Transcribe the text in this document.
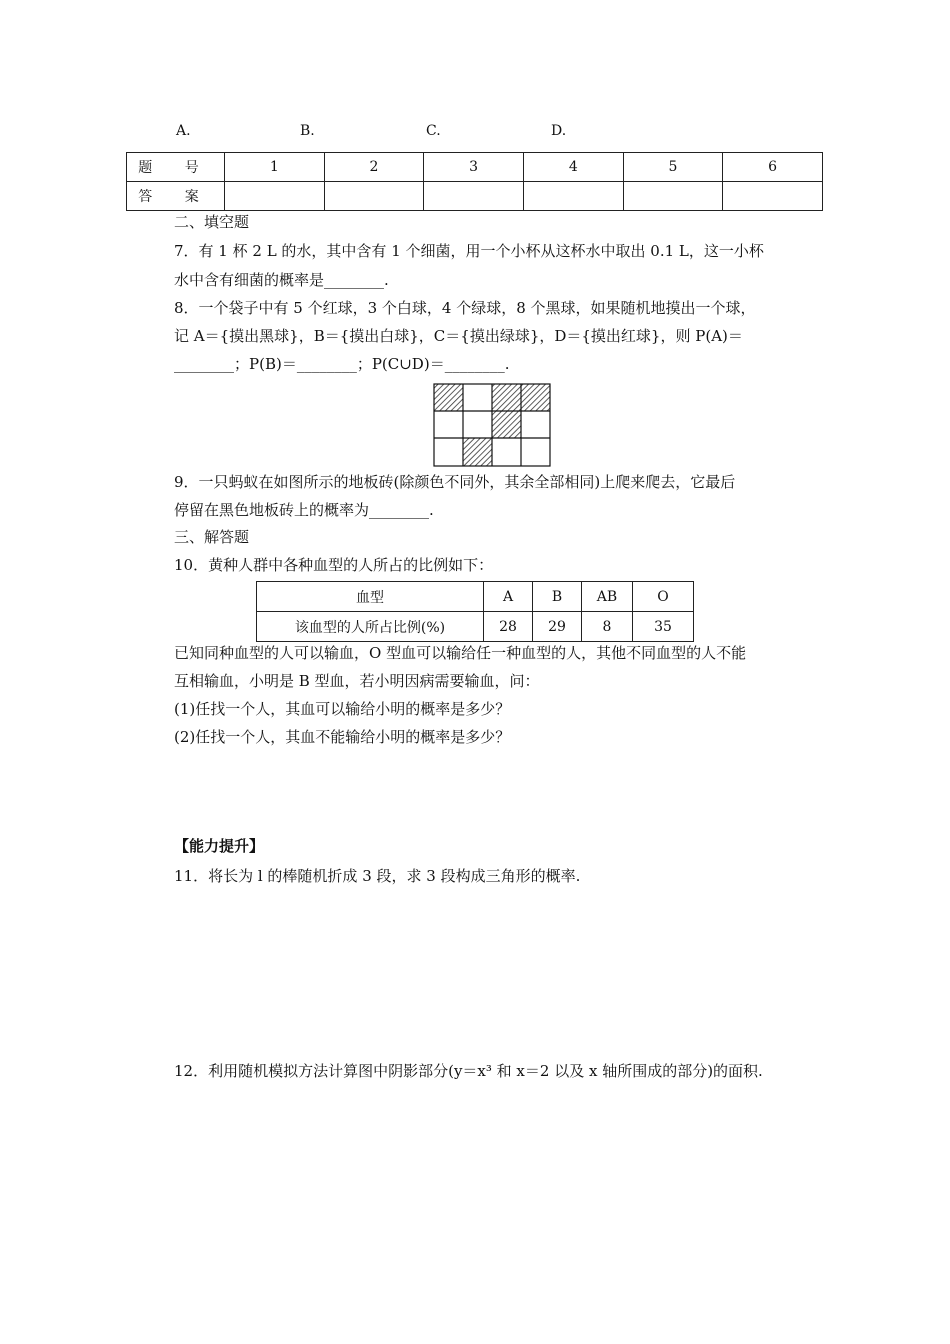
A.	B.	C.	D.
题 号	1	2	3	4	5	6
答 案						
二、填空题
7．有 1 杯 2 L 的水，其中含有 1 个细菌，用一个小杯从这杯水中取出 0.1 L，这一小杯
水中含有细菌的概率是________.
8．一个袋子中有 5 个红球，3 个白球，4 个绿球，8 个黑球，如果随机地摸出一个球，
记 A＝{摸出黑球}，B＝{摸出白球}，C＝{摸出绿球}，D＝{摸出红球}，则 P(A)＝
________；P(B)＝________；P(C∪D)＝________.
9．一只蚂蚁在如图所示的地板砖(除颜色不同外，其余全部相同)上爬来爬去，它最后
停留在黑色地板砖上的概率为________.
三、解答题
10．黄种人群中各种血型的人所占的比例如下：
血型	A	B	AB	O
该血型的人所占比例(%)	28	29	8	35
已知同种血型的人可以输血，O 型血可以输给任一种血型的人，其他不同血型的人不能
互相输血，小明是 B 型血，若小明因病需要输血，问：
(1)任找一个人，其血可以输给小明的概率是多少？
(2)任找一个人，其血不能输给小明的概率是多少？
【能力提升】
11．将长为 l 的棒随机折成 3 段，求 3 段构成三角形的概率.
12．利用随机模拟方法计算图中阴影部分(y＝x³ 和 x＝2 以及 x 轴所围成的部分)的面积.
